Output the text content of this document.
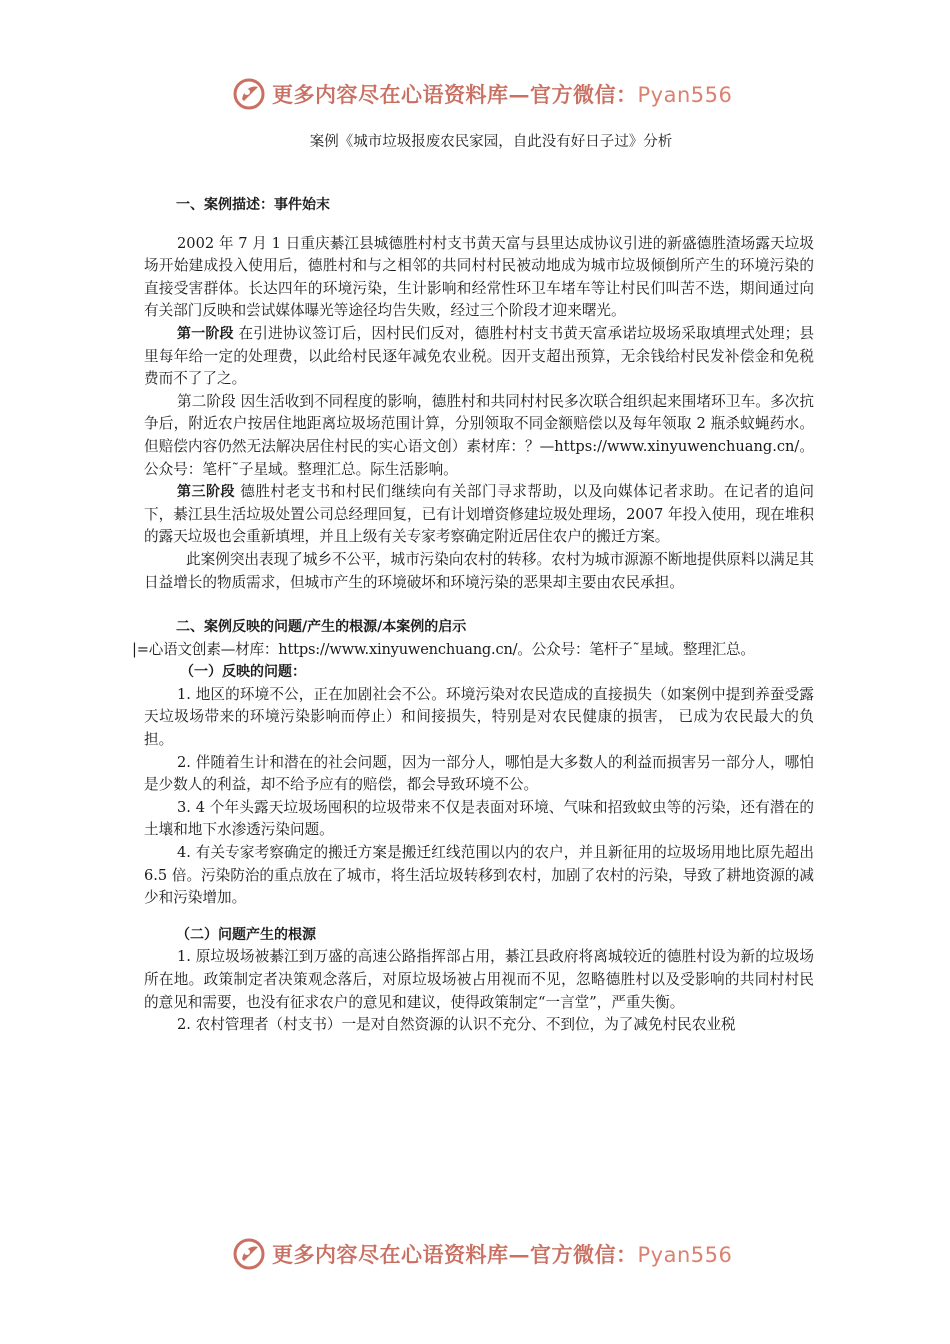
更多内容尽在心语资料库—官方微信：Pyan556
案例《城市垃圾报废农民家园，自此没有好日子过》分析

一、案例描述：事件始末

2002 年 7 月 1 日重庆綦江县城德胜村村支书黄天富与县里达成协议引进的新盛德胜渣场露天垃圾场开始建成投入使用后，德胜村和与之相邻的共同村村民被动地成为城市垃圾倾倒所产生的环境污染的直接受害群体。长达四年的环境污染，生计影响和经常性环卫车堵车等让村民们叫苦不迭，期间通过向有关部门反映和尝试媒体曝光等途径均告失败，经过三个阶段才迎来曙光。

第一阶段 在引进协议签订后，因村民们反对，德胜村村支书黄天富承诺垃圾场采取填埋式处理；县里每年给一定的处理费，以此给村民逐年减免农业税。因开支超出预算，无余钱给村民发补偿金和免税费而不了了之。

第二阶段 因生活收到不同程度的影响，德胜村和共同村村民多次联合组织起来围堵环卫车。多次抗争后，附近农户按居住地距离垃圾场范围计算，分别领取不同金额赔偿以及每年领取 2 瓶杀蚊蝇药水。但赔偿内容仍然无法解决居住村民的实心语文创）素材库：？—https://www.xinyuwenchuang.cn/。公众号：笔杆˜子星域。整理汇总。际生活影响。

第三阶段 德胜村老支书和村民们继续向有关部门寻求帮助，以及向媒体记者求助。在记者的追问下，綦江县生活垃圾处置公司总经理回复，已有计划增资修建垃圾处理场，2007 年投入使用，现在堆积的露天垃圾也会重新填埋，并且上级有关专家考察确定附近居住农户的搬迁方案。

此案例突出表现了城乡不公平，城市污染向农村的转移。农村为城市源源不断地提供原料以满足其日益增长的物质需求，但城市产生的环境破坏和环境污染的恶果却主要由农民承担。

二、案例反映的问题/产生的根源/本案例的启示

|=心语文创素—材库：https://www.xinyuwenchuang.cn/。公众号：笔杆子˜星域。整理汇总。

（一）反映的问题：

1. 地区的环境不公，正在加剧社会不公。环境污染对农民造成的直接损失（如案例中提到养蚕受露天垃圾场带来的环境污染影响而停止）和间接损失，特别是对农民健康的损害， 已成为农民最大的负担。

2. 伴随着生计和潜在的社会问题，因为一部分人，哪怕是大多数人的利益而损害另一部分人，哪怕是少数人的利益，却不给予应有的赔偿，都会导致环境不公。

3. 4 个年头露天垃圾场囤积的垃圾带来不仅是表面对环境、气味和招致蚊虫等的污染，还有潜在的土壤和地下水渗透污染问题。

4. 有关专家考察确定的搬迁方案是搬迁红线范围以内的农户，并且新征用的垃圾场用地比原先超出 6.5 倍。污染防治的重点放在了城市，将生活垃圾转移到农村，加剧了农村的污染，导致了耕地资源的减少和污染增加。

（二）问题产生的根源

1. 原垃圾场被綦江到万盛的高速公路指挥部占用，綦江县政府将离城较近的德胜村设为新的垃圾场所在地。政策制定者决策观念落后，对原垃圾场被占用视而不见，忽略德胜村以及受影响的共同村村民的意见和需要，也没有征求农户的意见和建议，使得政策制定“一言堂”，严重失衡。

2. 农村管理者（村支书）一是对自然资源的认识不充分、不到位，为了减免村民农业税

更多内容尽在心语资料库—官方微信：Pyan556
